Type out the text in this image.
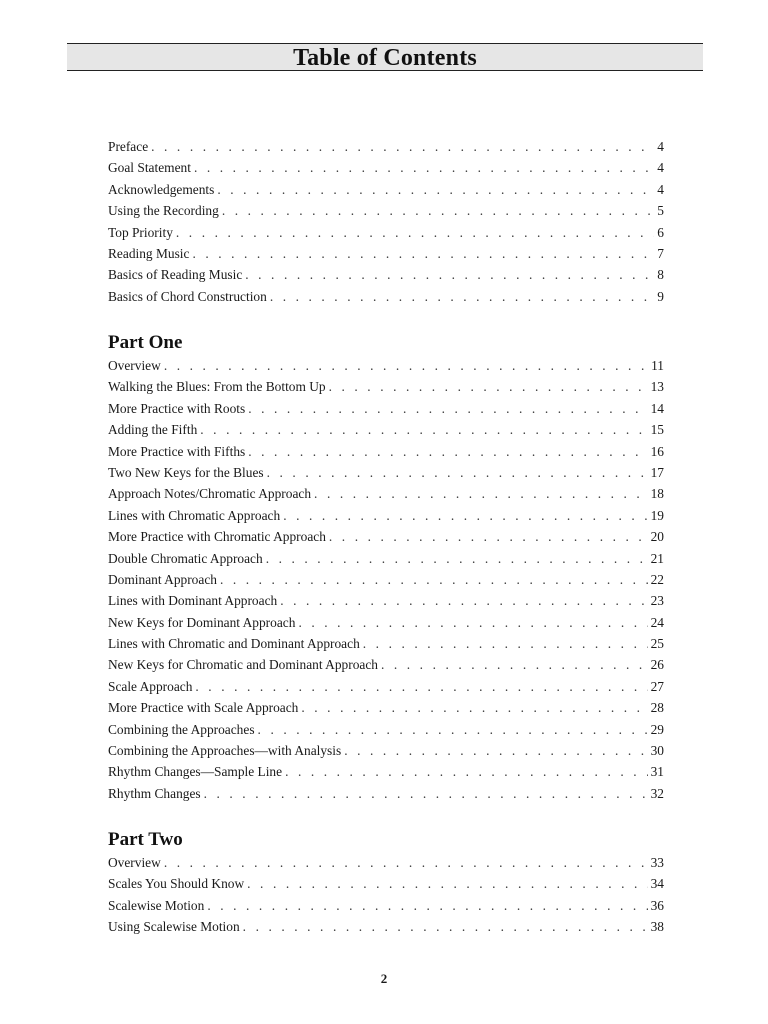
Table of Contents
Preface . . .	4
Goal Statement . . .	4
Acknowledgements . . .	4
Using the Recording . . .	5
Top Priority . . .	6
Reading Music . . .	7
Basics of Reading Music . . .	8
Basics of Chord Construction . . .	9
Part One
Overview . . .	11
Walking the Blues: From the Bottom Up . . .	13
More Practice with Roots . . .	14
Adding the Fifth . . .	15
More Practice with Fifths . . .	16
Two New Keys for the Blues . . .	17
Approach Notes/Chromatic Approach . . .	18
Lines with Chromatic Approach . . .	19
More Practice with Chromatic Approach . . .	20
Double Chromatic Approach . . .	21
Dominant Approach . . .	22
Lines with Dominant Approach . . .	23
New Keys for Dominant Approach . . .	24
Lines with Chromatic and Dominant Approach . . .	25
New Keys for Chromatic and Dominant Approach . . .	26
Scale Approach . . .	27
More Practice with Scale Approach . . .	28
Combining the Approaches . . .	29
Combining the Approaches—with Analysis . . .	30
Rhythm Changes—Sample Line . . .	31
Rhythm Changes . . .	32
Part Two
Overview . . .	33
Scales You Should Know . . .	34
Scalewise Motion . . .	36
Using Scalewise Motion . . .	38
2
